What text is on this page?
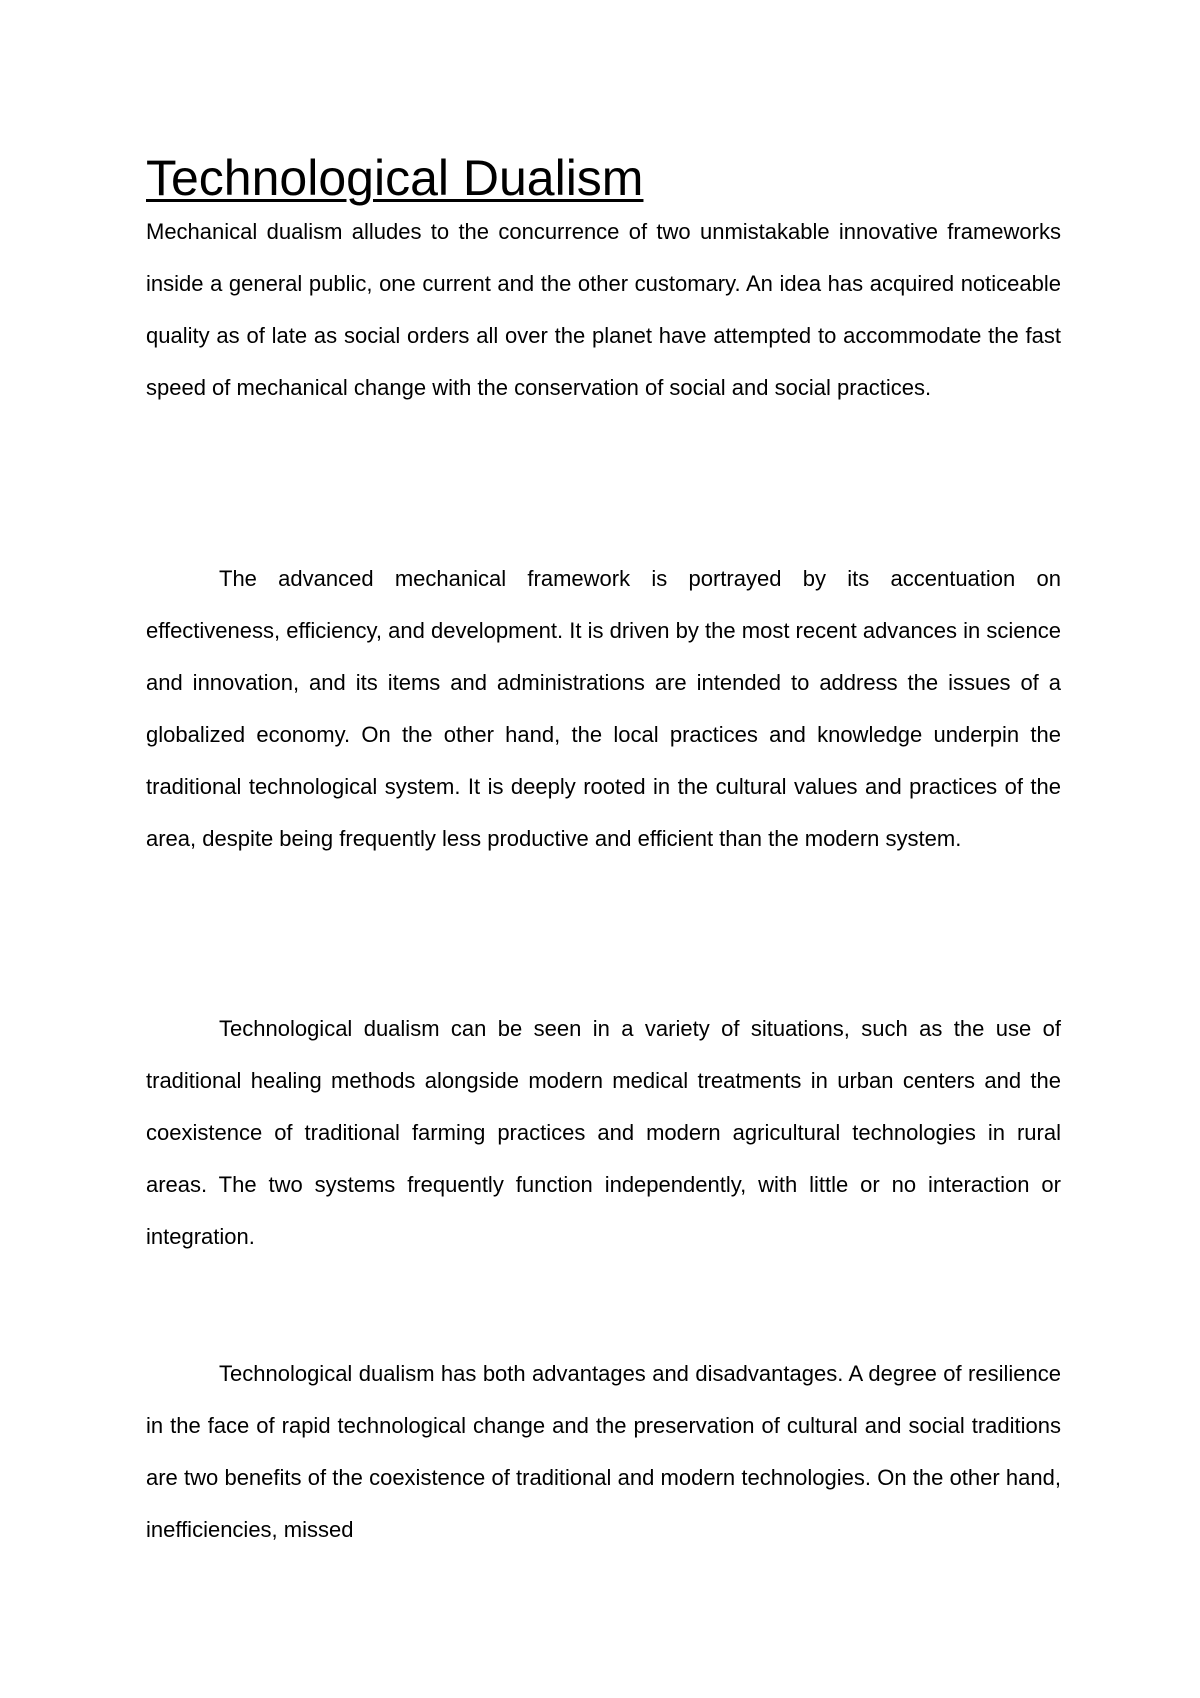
Technological Dualism

Mechanical dualism alludes to the concurrence of two unmistakable innovative frameworks inside a general public, one current and the other customary. An idea has acquired noticeable quality as of late as social orders all over the planet have attempted to accommodate the fast speed of mechanical change with the conservation of social and social practices.

The advanced mechanical framework is portrayed by its accentuation on effectiveness, efficiency, and development. It is driven by the most recent advances in science and innovation, and its items and administrations are intended to address the issues of a globalized economy. On the other hand, the local practices and knowledge underpin the traditional technological system. It is deeply rooted in the cultural values and practices of the area, despite being frequently less productive and efficient than the modern system.

Technological dualism can be seen in a variety of situations, such as the use of traditional healing methods alongside modern medical treatments in urban centers and the coexistence of traditional farming practices and modern agricultural technologies in rural areas. The two systems frequently function independently, with little or no interaction or integration.

Technological dualism has both advantages and disadvantages. A degree of resilience in the face of rapid technological change and the preservation of cultural and social traditions are two benefits of the coexistence of traditional and modern technologies. On the other hand, inefficiencies, missed
